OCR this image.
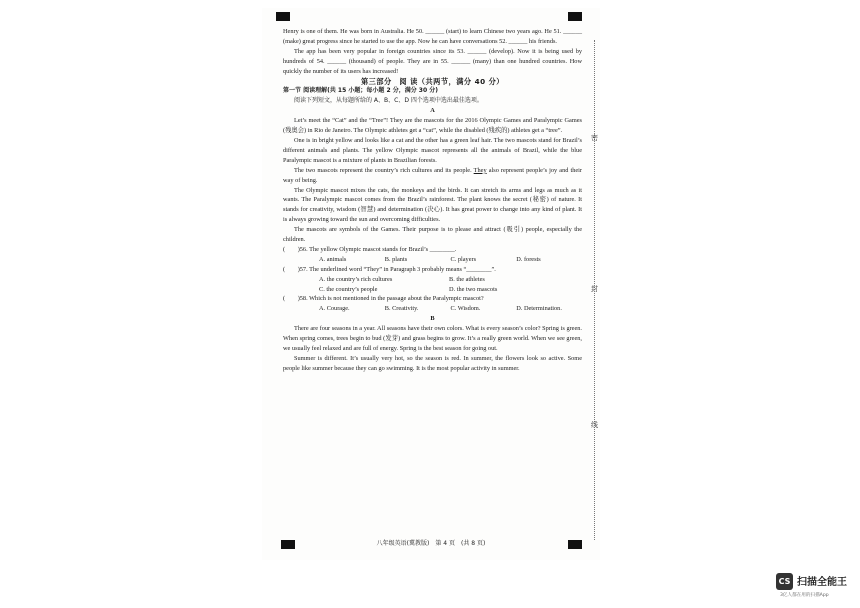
密
封
线

Henry is one of them. He was born in Australia. He 50. ______ (start) to learn Chinese two years ago. He 51. ______ (make) great progress since he started to use the app. Now he can have conversations 52. ______ his friends.

The app has been very popular in foreign countries since its 53. ______ (develop). Now it is being used by hundreds of 54. ______ (thousand) of people. They are in 55. ______ (many) than one hundred countries. How quickly the number of its users has increased!

第三部分　阅 读（共两节，满分 40 分）

第一节 阅读理解(共 15 小题；每小题 2 分，满分 30 分)

阅读下列短文，从每题所给的 A、B、C、D 四个选项中选出最佳选项。

A

Let’s meet the “Cat” and the “Tree”! They are the mascots for the 2016 Olympic Games and Paralympic Games (残奥会) in Rio de Janeiro. The Olympic athletes get a “cat”, while the disabled (残疾的) athletes get a “tree”.

One is in bright yellow and looks like a cat and the other has a green leaf hair. The two mascots stand for Brazil’s different animals and plants. The yellow Olympic mascot represents all the animals of Brazil, while the blue Paralympic mascot is a mixture of plants in Brazilian forests.

The two mascots represent the country’s rich cultures and its people. They also represent people’s joy and their way of being.

The Olympic mascot mixes the cats, the monkeys and the birds. It can stretch its arms and legs as much as it wants. The Paralympic mascot comes from the Brazil’s rainforest. The plant knows the secret (秘密) of nature. It stands for creativity, wisdom (智慧) and determination (决心). It has great power to change into any kind of plant. It is always growing toward the sun and overcoming difficulties.

The mascots are symbols of the Games. Their purpose is to please and attract (吸引) people, especially the children.

(　　)56. The yellow Olympic mascot stands for Brazil’s ________.

A. animals	B. plants	C. players	D. forests

(　　)57. The underlined word “They” in Paragraph 3 probably means “________”.

A. the country’s rich cultures	B. the athletes
C. the country’s people	D. the two mascots

(　　)58. Which is not mentioned in the passage about the Paralympic mascot?

A. Courage.	B. Creativity.	C. Wisdom.	D. Determination.

B

There are four seasons in a year. All seasons have their own colors. What is every season’s color? Spring is green. When spring comes, trees begin to bud (发芽) and grass begins to grow. It’s a really green world. When we see green, we usually feel relaxed and are full of energy. Spring is the best season for going out.

Summer is different. It’s usually very hot, so the season is red. In summer, the flowers look so active. Some people like summer because they can go swimming. It is the most popular activity in summer.

八年级英语(冀教版)　第 4 页　(共 8 页)
CS 扫描全能王
3亿人都在用的扫描App
